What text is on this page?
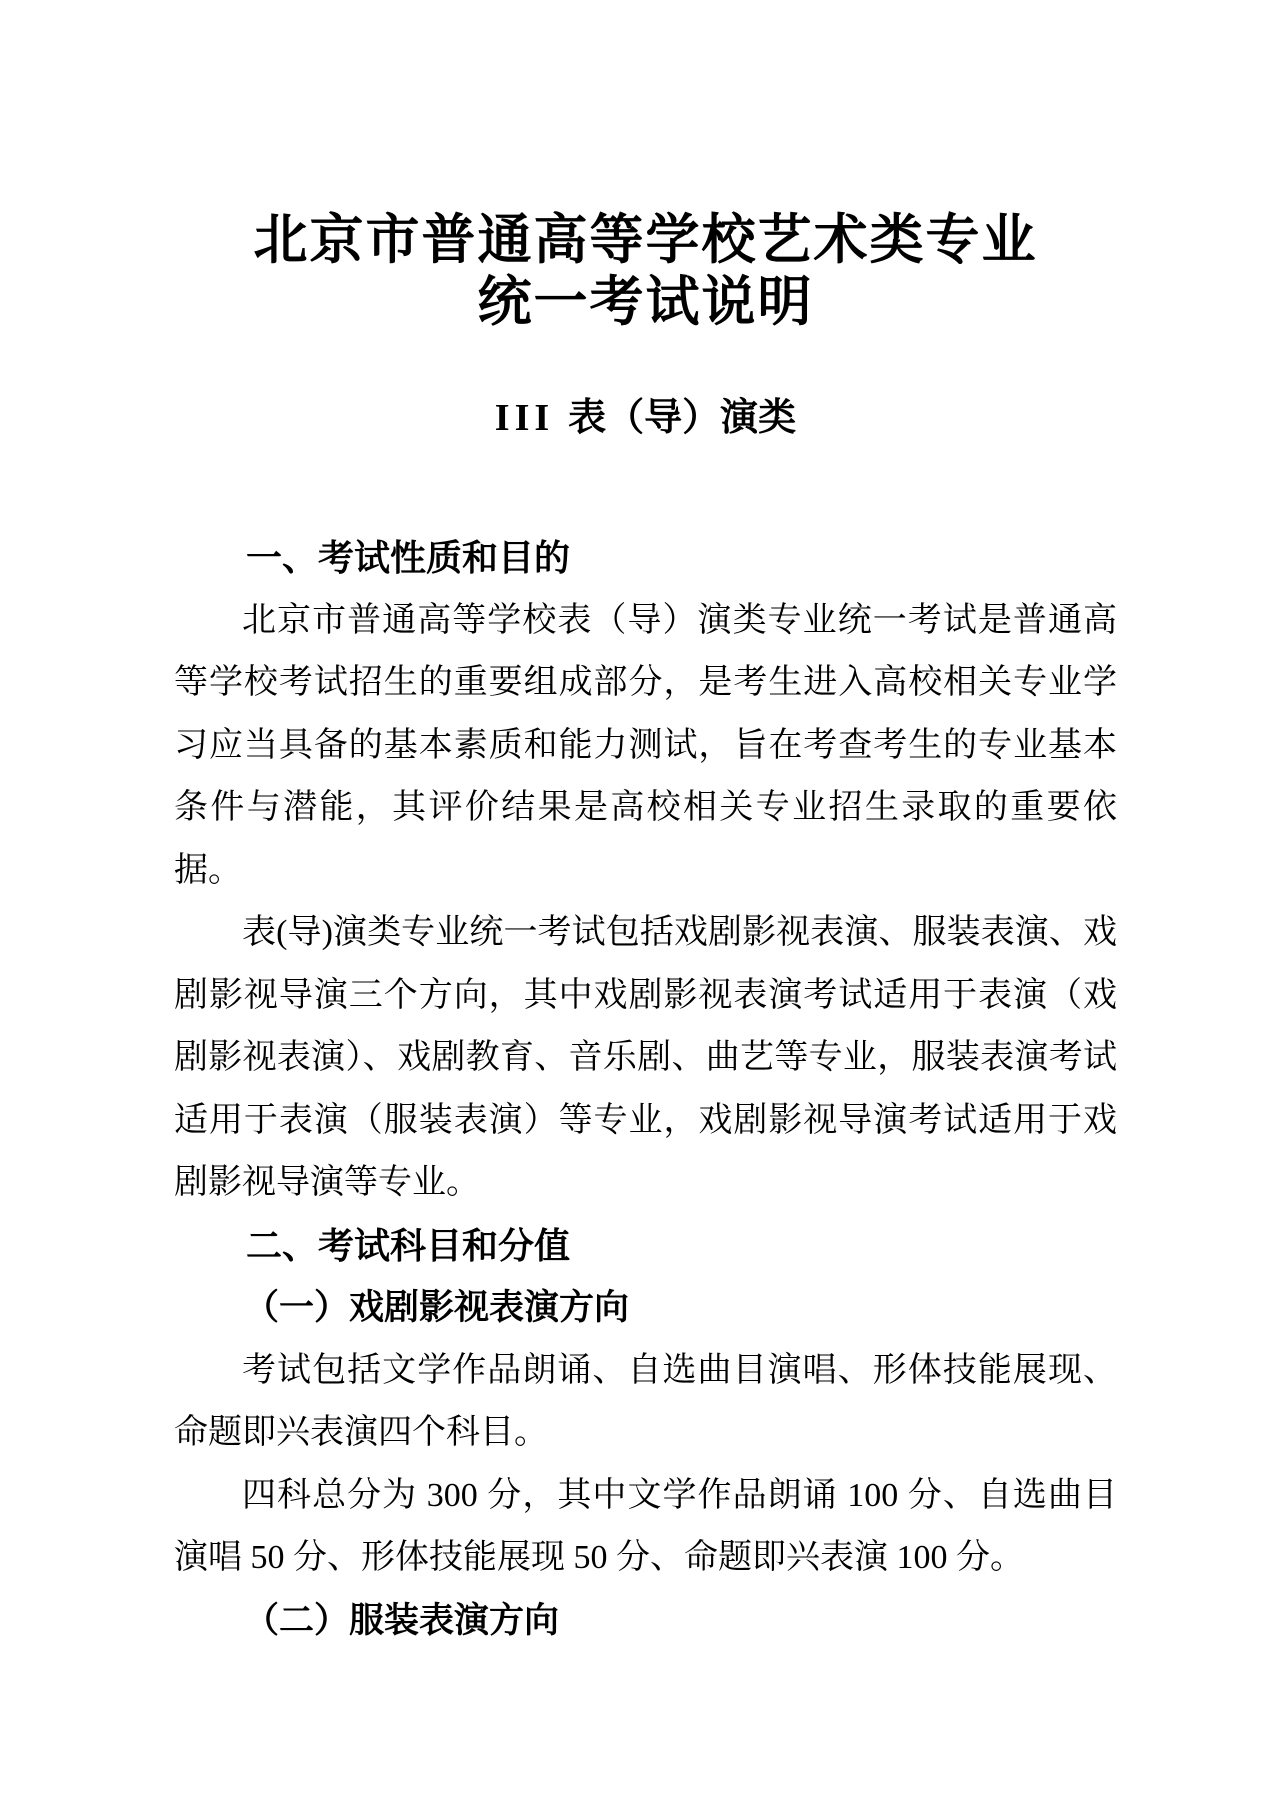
北京市普通高等学校艺术类专业
统一考试说明
III 表（导）演类
一、考试性质和目的

北京市普通高等学校表（导）演类专业统一考试是普通高等学校考试招生的重要组成部分，是考生进入高校相关专业学习应当具备的基本素质和能力测试，旨在考查考生的专业基本条件与潜能，其评价结果是高校相关专业招生录取的重要依据。

表(导)演类专业统一考试包括戏剧影视表演、服装表演、戏剧影视导演三个方向，其中戏剧影视表演考试适用于表演（戏剧影视表演）、戏剧教育、音乐剧、曲艺等专业，服装表演考试适用于表演（服装表演）等专业，戏剧影视导演考试适用于戏剧影视导演等专业。

二、考试科目和分值
（一）戏剧影视表演方向

考试包括文学作品朗诵、自选曲目演唱、形体技能展现、命题即兴表演四个科目。

四科总分为 300 分，其中文学作品朗诵 100 分、自选曲目演唱 50 分、形体技能展现 50 分、命题即兴表演 100 分。

（二）服装表演方向
